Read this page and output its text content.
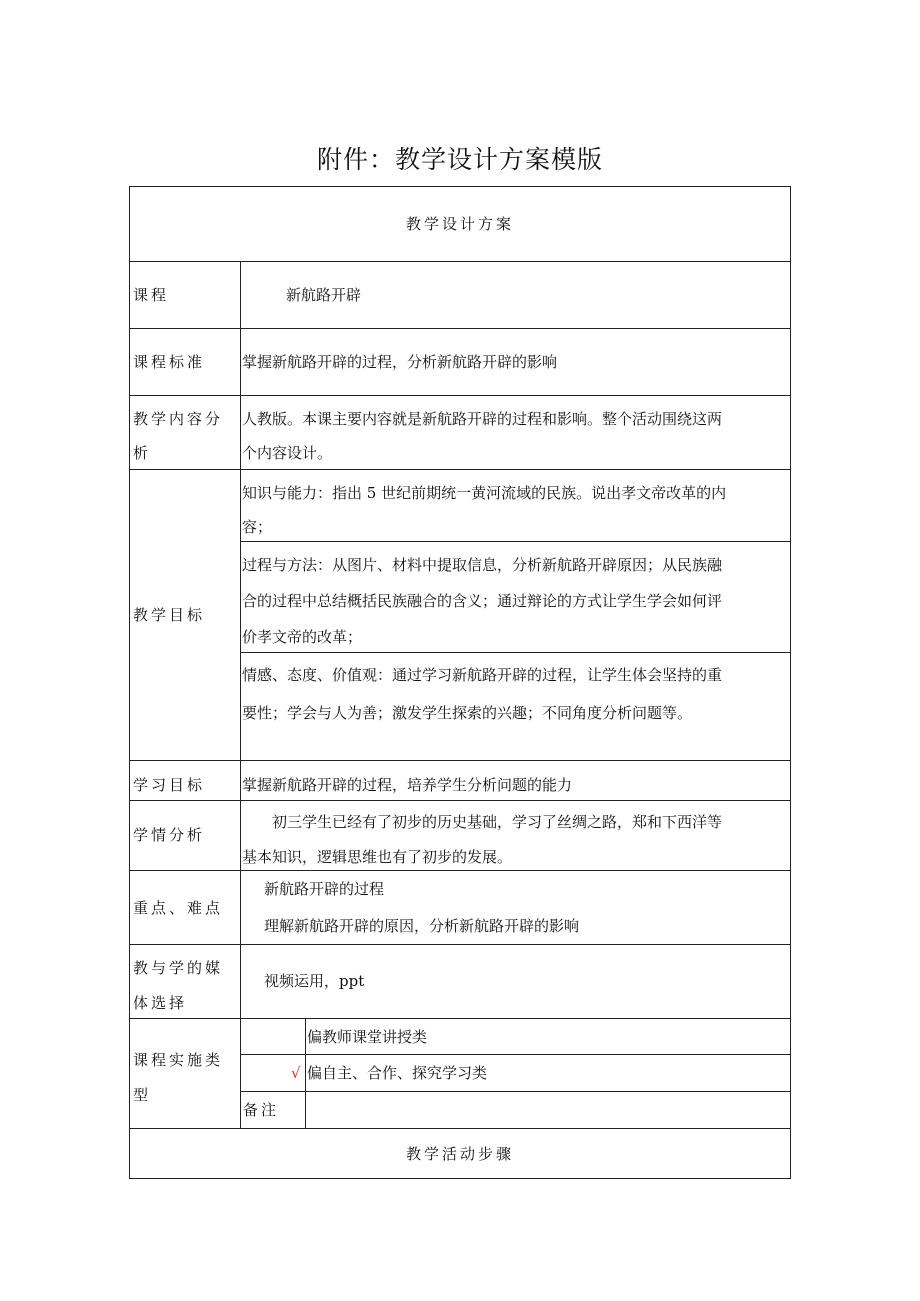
附件：教学设计方案模版
教学设计方案
课程	新航路开辟
课程标准 掌握新航路开辟的过程，分析新航路开辟的影响
教学内容分
析
人教版。本课主要内容就是新航路开辟的过程和影响。整个活动围绕这两
个内容设计。
教学目标
知识与能力：指出 5 世纪前期统一黄河流域的民族。说出孝文帝改革的内
容；
过程与方法：从图片、材料中提取信息，分析新航路开辟原因；从民族融
合的过程中总结概括民族融合的含义；通过辩论的方式让学生学会如何评
价孝文帝的改革；
情感、态度、价值观：通过学习新航路开辟的过程，让学生体会坚持的重
要性；学会与人为善；激发学生探索的兴趣；不同角度分析问题等。
学习目标 掌握新航路开辟的过程，培养学生分析问题的能力
学情分析
初三学生已经有了初步的历史基础，学习了丝绸之路，郑和下西洋等
基本知识，逻辑思维也有了初步的发展。
重点、难点
新航路开辟的过程
理解新航路开辟的原因，分析新航路开辟的影响
教与学的媒
体选择
视频运用，ppt
课程实施类
型
偏教师课堂讲授类
√ 偏自主、合作、探究学习类
备注
教学活动步骤
